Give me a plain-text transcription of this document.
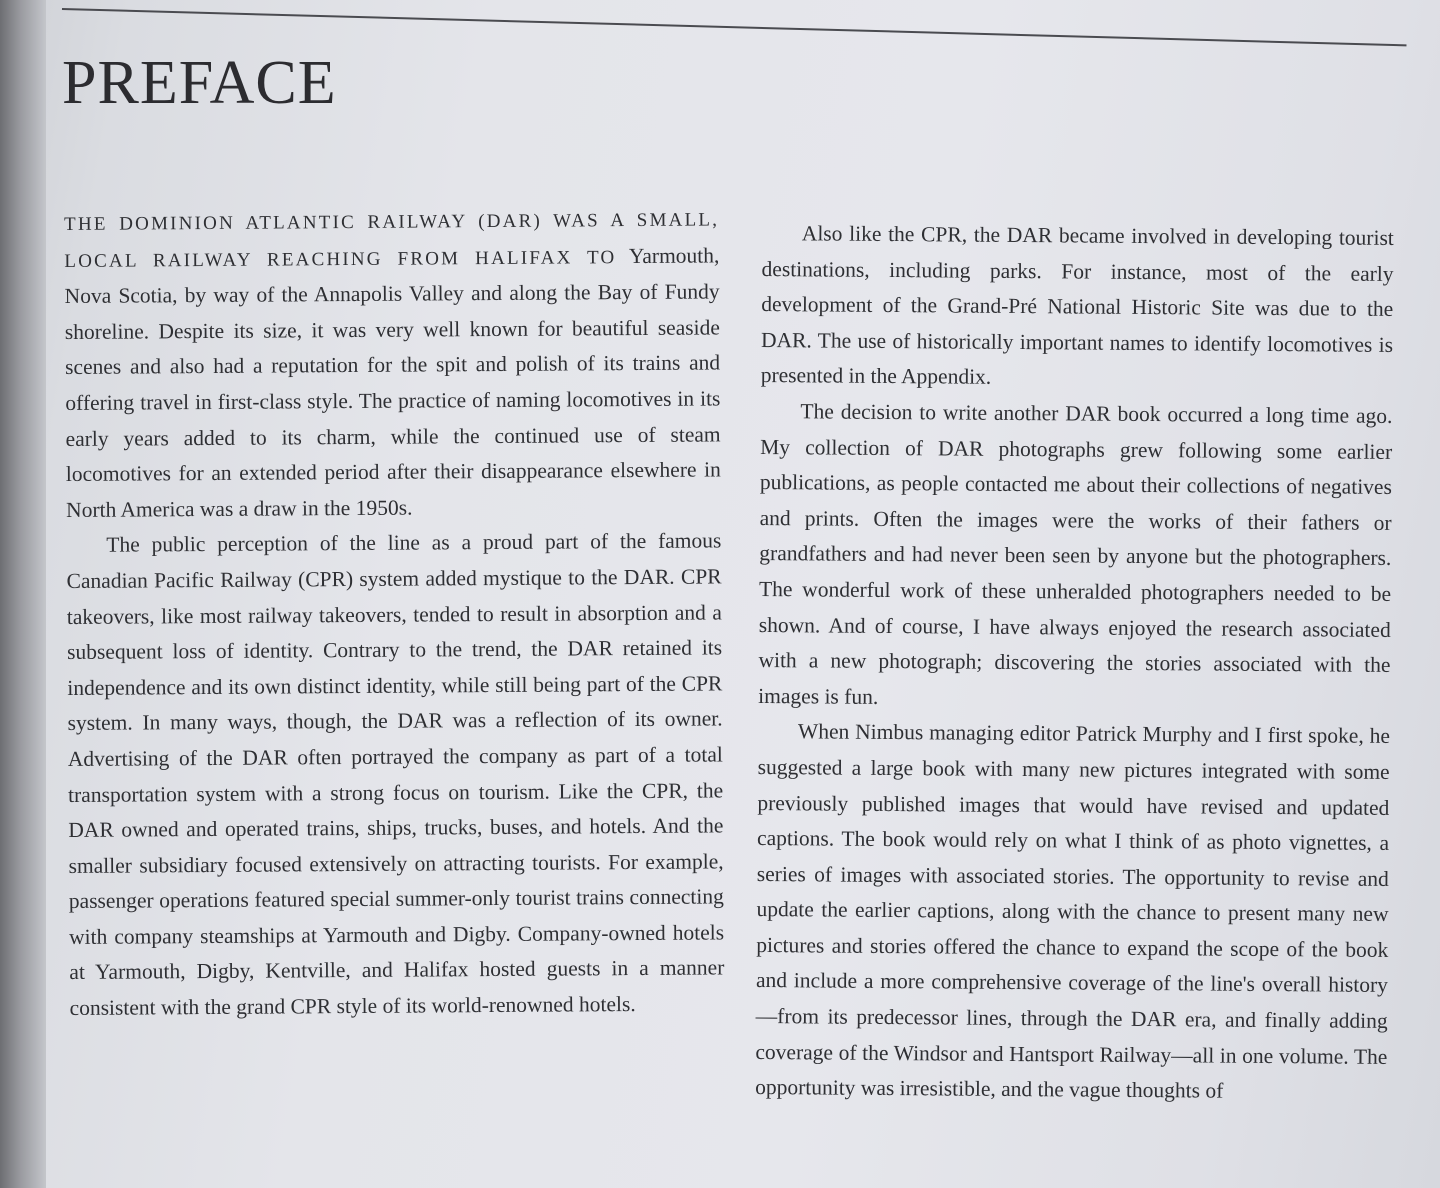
PREFACE

THE DOMINION ATLANTIC RAILWAY (DAR) WAS A SMALL, LOCAL RAILWAY REACHING FROM HALIFAX TO Yarmouth, Nova Scotia, by way of the Annapolis Valley and along the Bay of Fundy shoreline. Despite its size, it was very well known for beautiful seaside scenes and also had a reputation for the spit and polish of its trains and offering travel in first-class style. The practice of naming locomotives in its early years added to its charm, while the continued use of steam locomotives for an extended period after their disappearance elsewhere in North America was a draw in the 1950s.

The public perception of the line as a proud part of the famous Canadian Pacific Railway (CPR) system added mystique to the DAR. CPR takeovers, like most railway takeovers, tended to result in absorption and a subsequent loss of identity. Contrary to the trend, the DAR retained its independence and its own distinct identity, while still being part of the CPR system. In many ways, though, the DAR was a reflection of its owner. Advertising of the DAR often portrayed the company as part of a total transportation system with a strong focus on tourism. Like the CPR, the DAR owned and operated trains, ships, trucks, buses, and hotels. And the smaller subsidiary focused extensively on attracting tourists. For example, passenger operations featured special summer-only tourist trains connecting with company steamships at Yarmouth and Digby. Company-owned hotels at Yarmouth, Digby, Kentville, and Halifax hosted guests in a manner consistent with the grand CPR style of its world-renowned hotels.

Also like the CPR, the DAR became involved in developing tourist destinations, including parks. For instance, most of the early development of the Grand-Pré National Historic Site was due to the DAR. The use of historically important names to identify locomotives is presented in the Appendix.

The decision to write another DAR book occurred a long time ago. My collection of DAR photographs grew following some earlier publications, as people contacted me about their collections of negatives and prints. Often the images were the works of their fathers or grandfathers and had never been seen by anyone but the photographers. The wonderful work of these unheralded photographers needed to be shown. And of course, I have always enjoyed the research associated with a new photograph; discovering the stories associated with the images is fun.

When Nimbus managing editor Patrick Murphy and I first spoke, he suggested a large book with many new pictures integrated with some previously published images that would have revised and updated captions. The book would rely on what I think of as photo vignettes, a series of images with associated stories. The opportunity to revise and update the earlier captions, along with the chance to present many new pictures and stories offered the chance to expand the scope of the book and include a more comprehensive coverage of the line's overall history—from its predecessor lines, through the DAR era, and finally adding coverage of the Windsor and Hantsport Railway—all in one volume. The opportunity was irresistible, and the vague thoughts of
